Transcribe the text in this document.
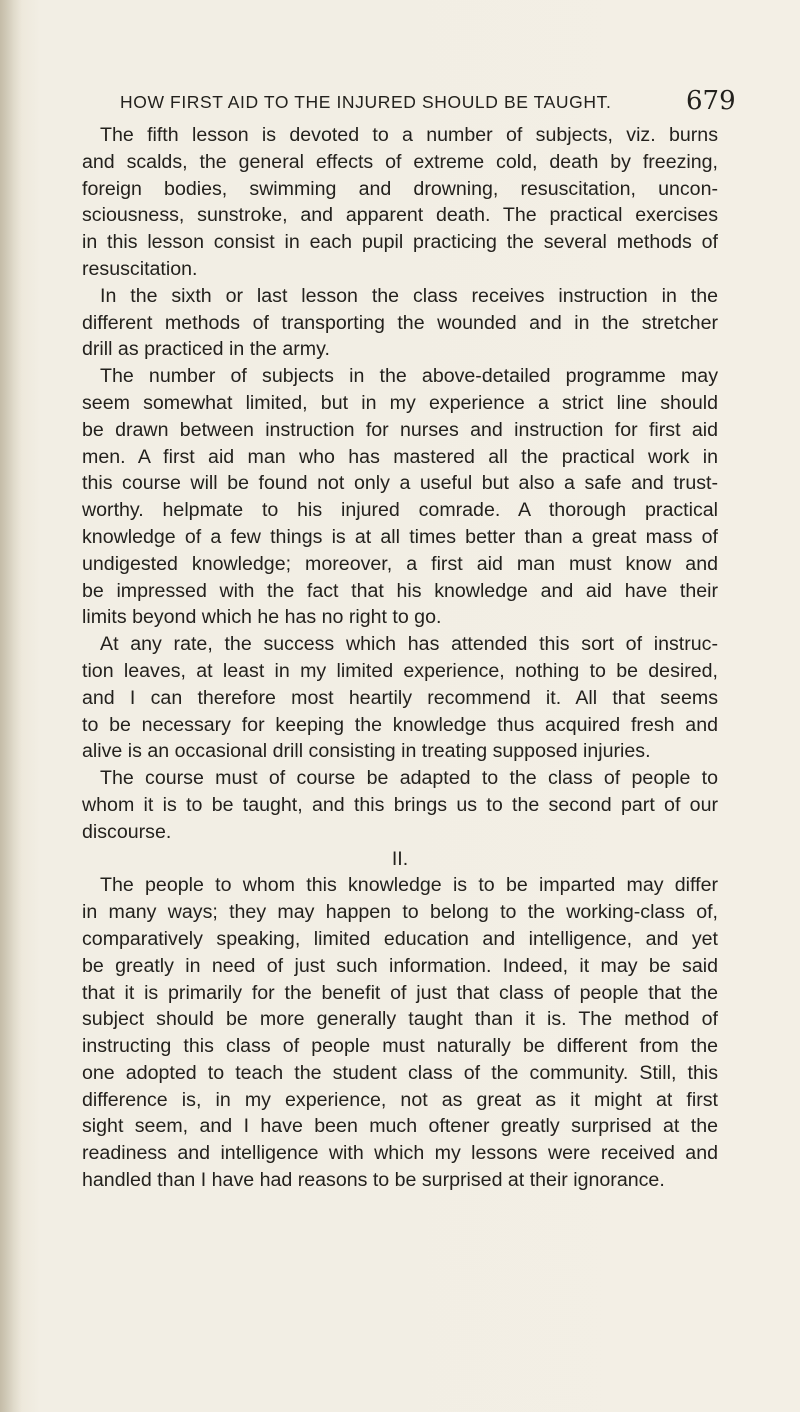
HOW FIRST AID TO THE INJURED SHOULD BE TAUGHT.	679
The fifth lesson is devoted to a number of subjects, viz. burns
and scalds, the general effects of extreme cold, death by freezing,
foreign bodies, swimming and drowning, resuscitation, uncon-
sciousness, sunstroke, and apparent death. The practical exercises
in this lesson consist in each pupil practicing the several methods of
resuscitation.
In the sixth or last lesson the class receives instruction in the
different methods of transporting the wounded and in the stretcher
drill as practiced in the army.
The number of subjects in the above-detailed programme may
seem somewhat limited, but in my experience a strict line should
be drawn between instruction for nurses and instruction for first aid
men. A first aid man who has mastered all the practical work in
this course will be found not only a useful but also a safe and trust-
worthy. helpmate to his injured comrade. A thorough practical
knowledge of a few things is at all times better than a great mass of
undigested knowledge; moreover, a first aid man must know and
be impressed with the fact that his knowledge and aid have their
limits beyond which he has no right to go.
At any rate, the success which has attended this sort of instruc-
tion leaves, at least in my limited experience, nothing to be desired,
and I can therefore most heartily recommend it. All that seems
to be necessary for keeping the knowledge thus acquired fresh and
alive is an occasional drill consisting in treating supposed injuries.
The course must of course be adapted to the class of people to
whom it is to be taught, and this brings us to the second part of our
discourse.
II.
The people to whom this knowledge is to be imparted may differ
in many ways; they may happen to belong to the working-class of,
comparatively speaking, limited education and intelligence, and yet
be greatly in need of just such information. Indeed, it may be said
that it is primarily for the benefit of just that class of people that the
subject should be more generally taught than it is. The method of
instructing this class of people must naturally be different from the
one adopted to teach the student class of the community. Still, this
difference is, in my experience, not as great as it might at first
sight seem, and I have been much oftener greatly surprised at the
readiness and intelligence with which my lessons were received and
handled than I have had reasons to be surprised at their ignorance.
